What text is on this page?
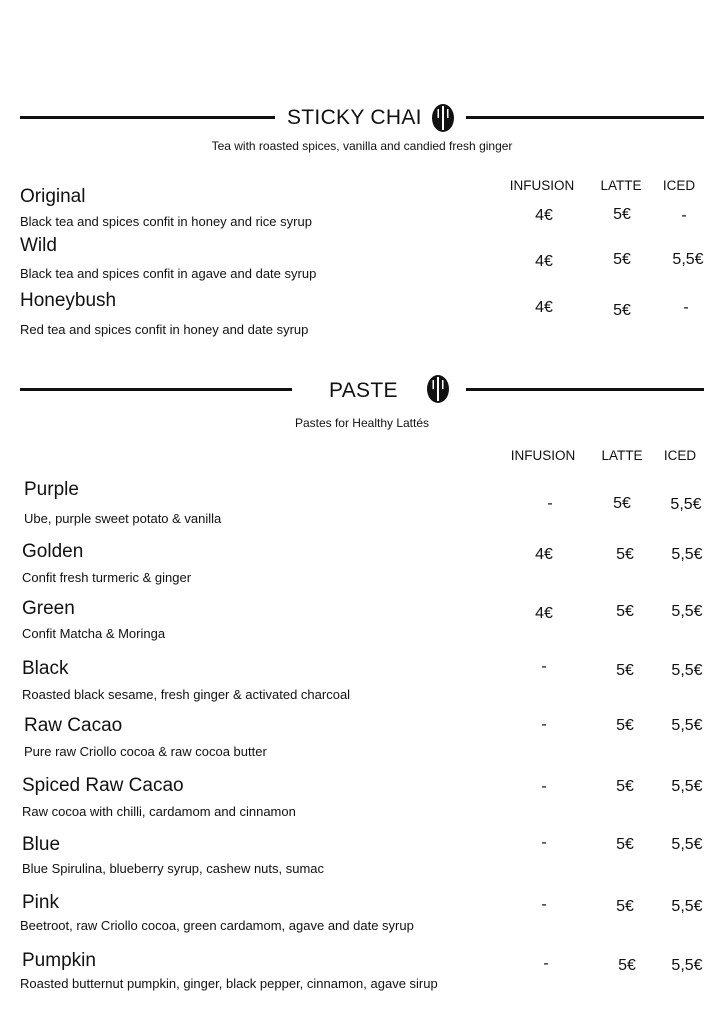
STICKY CHAI
Tea with roasted spices, vanilla and candied fresh ginger
INFUSION LATTE ICED
Original
Black tea and spices confit in honey and rice syrup	4€	5€	-
Wild
Black tea and spices confit in agave and date syrup
4€	5€	5,5€
Honeybush
Red tea and spices confit in honey and date syrup
4€	5€	-
PASTE
Pastes for Healthy Lattés
INFUSION LATTE ICED
Purple
Ube, purple sweet potato & vanilla
-	5€ 5,5€
Golden
Confit fresh turmeric & ginger
4€	5€ 5,5€
Green
Confit Matcha & Moringa
4€	5€ 5,5€
Black
Roasted black sesame, fresh ginger & activated charcoal
-	5€ 5,5€
Raw Cacao
Pure raw Criollo cocoa & raw cocoa butter
-	5€ 5,5€
Spiced Raw Cacao
Raw cocoa with chilli, cardamom and cinnamon
-	5€ 5,5€
Blue
Blue Spirulina, blueberry syrup, cashew nuts, sumac
-	5€ 5,5€
Pink
Beetroot, raw Criollo cocoa, green cardamom, agave and date syrup
-	5€ 5,5€
Pumpkin
Roasted butternut pumpkin, ginger, black pepper, cinnamon, agave sirup
-	5€ 5,5€
